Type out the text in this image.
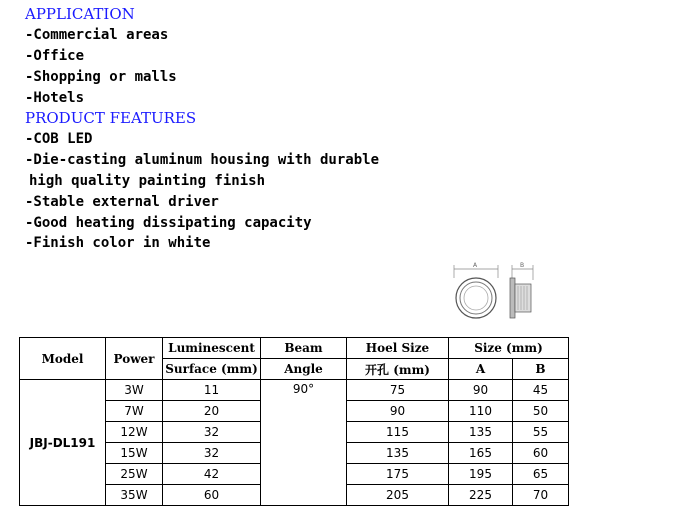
APPLICATION
-Commercial areas
-Office
-Shopping or malls
-Hotels
PRODUCT FEATURES
-COB LED
-Die-casting aluminum housing with durable
high quality painting finish
-Stable external driver
-Good heating dissipating capacity
-Finish color in white
A	B
Model	Power	Luminescent	Beam	Hoel Size	Size (mm)	
		Surface (mm)	Angle	开孔 (mm)	A	B
JBJ-DL191	3W	11	90°	75	90	45
	7W	20		90	110	50
	12W	32		115	135	55
	15W	32		135	165	60
	25W	42		175	195	65
	35W	60		205	225	70
